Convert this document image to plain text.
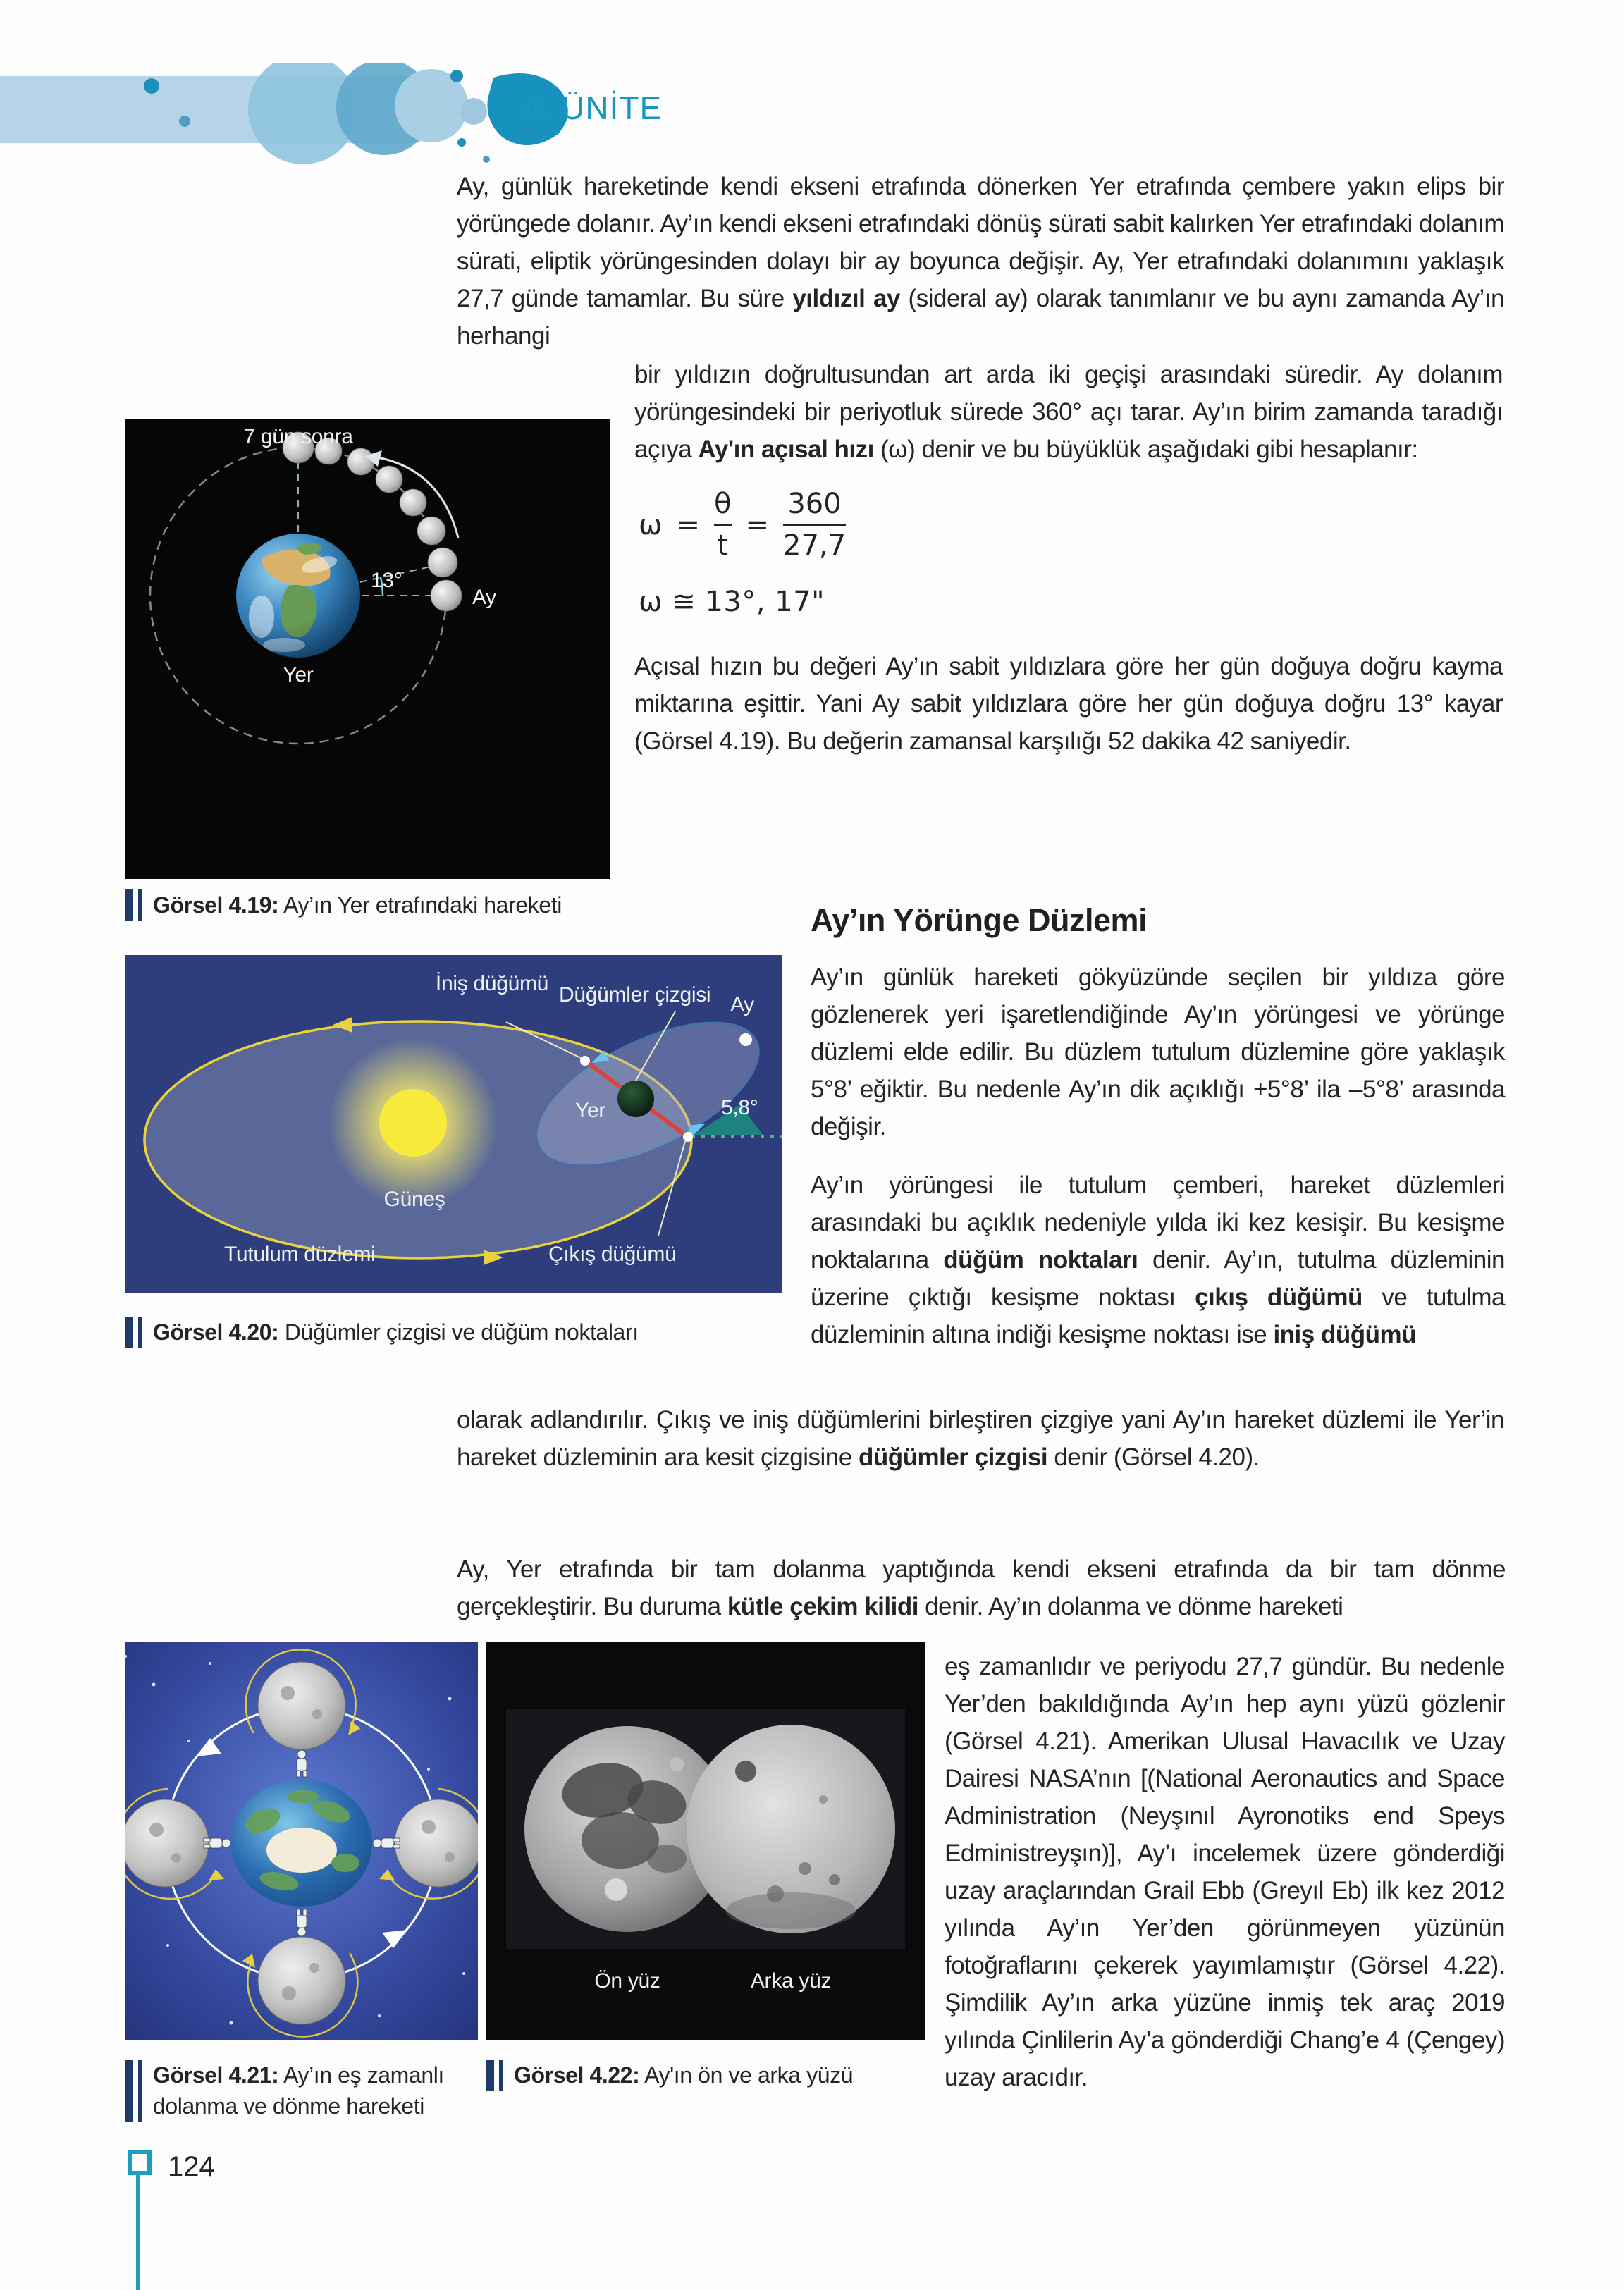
4. ÜNİTE
Ay, günlük hareketinde kendi ekseni etrafında dönerken Yer etrafında çembere yakın elips bir yörüngede dolanır. Ay’ın kendi ekseni etrafındaki dönüş sürati sabit kalırken Yer etrafındaki dolanım sürati, eliptik yörüngesinden dolayı bir ay boyunca değişir. Ay, Yer etrafındaki dolanımını yaklaşık 27,7 günde tamamlar. Bu süre yıldızıl ay (sideral ay) olarak tanımlanır ve bu aynı zamanda Ay’ın herhangi
7 gün sonra
13°
Ay
Yer
Görsel 4.19: Ay’ın Yer etrafındaki hareketi
bir yıldızın doğrultusundan art arda iki geçişi arasındaki süredir. Ay dolanım yörüngesindeki bir periyotluk sürede 360° açı tarar. Ay’ın birim zamanda taradığı açıya Ay'ın açısal hızı (ω) denir ve bu büyüklük aşağıdaki gibi hesaplanır:
$\omega = \frac{\theta}{t} = \frac{360}{27,7}$
ω ≅ 13°, 17"
Açısal hızın bu değeri Ay’ın sabit yıldızlara göre her gün doğuya doğru kayma miktarına eşittir. Yani Ay sabit yıldızlara göre her gün doğuya doğru 13° kayar (Görsel 4.19). Bu değerin zamansal karşılığı 52 dakika 42 saniyedir.
Ay’ın Yörünge Düzlemi
Ay’ın günlük hareketi gökyüzünde seçilen bir yıldıza göre gözlenerek yeri işaretlendiğinde Ay’ın yörüngesi ve yörünge düzlemi elde edilir. Bu düzlem tutulum düzlemine göre yaklaşık 5°8’ eğiktir. Bu nedenle Ay’ın dik açıklığı +5°8’ ila –5°8’ arasında değişir.
Ay’ın yörüngesi ile tutulum çemberi, hareket düzlemleri arasındaki bu açıklık nedeniyle yılda iki kez kesişir. Bu kesişme noktalarına düğüm noktaları denir. Ay’ın, tutulma düzleminin üzerine çıktığı kesişme noktası çıkış düğümü ve tutulma düzleminin altına indiği kesişme noktası ise iniş düğümü
İniş düğümü Düğümler çizgisi Ay
Yer	5,8°
Güneş
Tutulum düzlemi	Çıkış düğümü
Görsel 4.20: Düğümler çizgisi ve düğüm noktaları
olarak adlandırılır. Çıkış ve iniş düğümlerini birleştiren çizgiye yani Ay’ın hareket düzlemi ile Yer’in hareket düzleminin ara kesit çizgisine düğümler çizgisi denir (Görsel 4.20).
Ay, Yer etrafında bir tam dolanma yaptığında kendi ekseni etrafında da bir tam dönme gerçekleştirir. Bu duruma kütle çekim kilidi denir. Ay’ın dolanma ve dönme hareketi
Ön yüz	Arka yüz
Görsel 4.21: Ay’ın eş zamanlı dolanma ve dönme hareketi
Görsel 4.22: Ay'ın ön ve arka yüzü
eş zamanlıdır ve periyodu 27,7 gündür. Bu nedenle Yer’den bakıldığında Ay’ın hep aynı yüzü gözlenir (Görsel 4.21). Amerikan Ulusal Havacılık ve Uzay Dairesi NASA’nın [(National Aeronautics and Space Administration (Neyşınıl Ayronotiks end Speys Edministreyşın)], Ay’ı incelemek üzere gönderdiği uzay araçlarından Grail Ebb (Greyıl Eb) ilk kez 2012 yılında Ay’ın Yer’den görünmeyen yüzünün fotoğraflarını çekerek yayımlamıştır (Görsel 4.22). Şimdilik Ay’ın arka yüzüne inmiş tek araç 2019 yılında Çinlilerin Ay’a gönderdiği Chang’e 4 (Çengey) uzay aracıdır.
124
